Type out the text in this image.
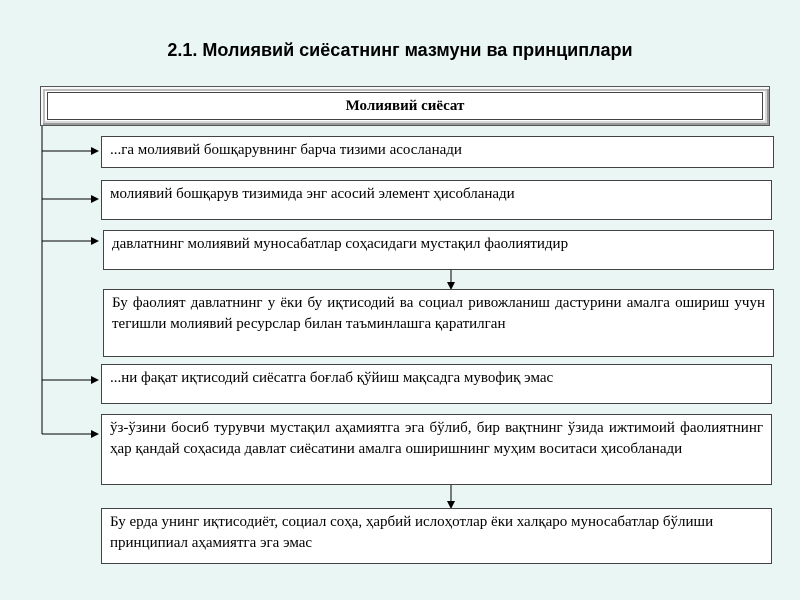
2.1. Молиявий сиёсатнинг мазмуни ва принциплари
Молиявий сиёсат
...га молиявий бошқарувнинг барча тизими асосланади
молиявий бошқарув тизимида энг асосий элемент ҳисобланади
давлатнинг молиявий муносабатлар соҳасидаги мустақил фаолиятидир
Бу фаолият давлатнинг у ёки бу иқтисодий ва социал ривожланиш дастурини амалга ошириш учун тегишли молиявий ресурслар билан таъминлашга қаратилган
...ни фақат иқтисодий сиёсатга боғлаб қўйиш мақсадга мувофиқ эмас
ўз-ўзини босиб турувчи мустақил аҳамиятга эга бўлиб, бир вақтнинг ўзида ижтимоий фаолиятнинг ҳар қандай соҳасида давлат сиёсатини амалга оширишнинг муҳим воситаси ҳисобланади
Бу ерда унинг иқтисодиёт, социал соҳа, ҳарбий ислоҳотлар ёки халқаро муносабатлар бўлиши принципиал аҳамиятга эга эмас
